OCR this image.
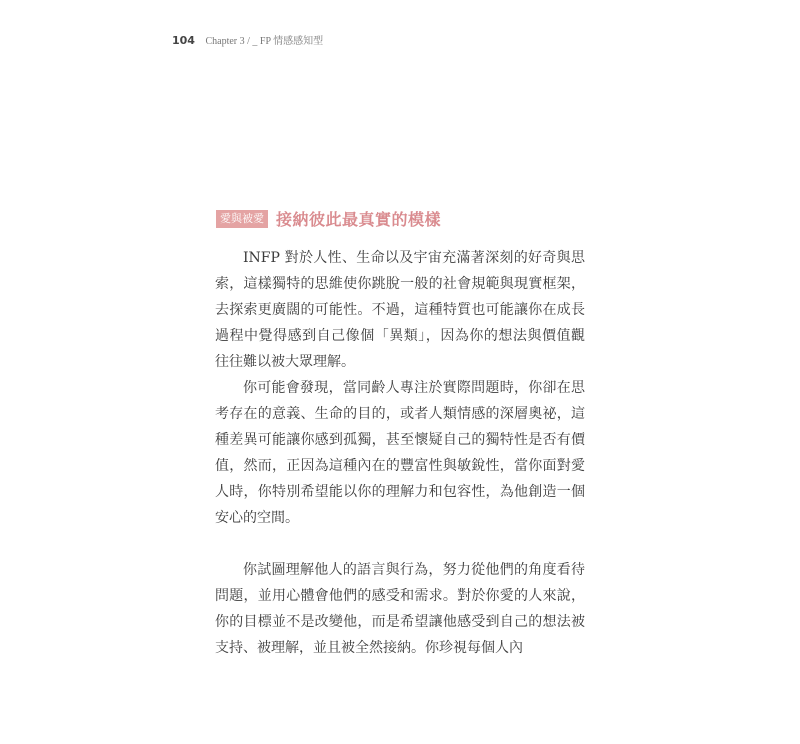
104 Chapter 3 / _ FP 情感感知型
愛與被愛 接納彼此最真實的模樣

INFP 對於人性、生命以及宇宙充滿著深刻的好奇與思索，這樣獨特的思維使你跳脫一般的社會規範與現實框架，去探索更廣闊的可能性。不過，這種特質也可能讓你在成長過程中覺得感到自己像個「異類」，因為你的想法與價值觀往往難以被大眾理解。

你可能會發現，當同齡人專注於實際問題時，你卻在思考存在的意義、生命的目的，或者人類情感的深層奧祕，這種差異可能讓你感到孤獨，甚至懷疑自己的獨特性是否有價值，然而，正因為這種內在的豐富性與敏銳性，當你面對愛人時，你特別希望能以你的理解力和包容性，為他創造一個安心的空間。

你試圖理解他人的語言與行為，努力從他們的角度看待問題，並用心體會他們的感受和需求。對於你愛的人來說，你的目標並不是改變他，而是希望讓他感受到自己的想法被支持、被理解，並且被全然接納。你珍視每個人內
